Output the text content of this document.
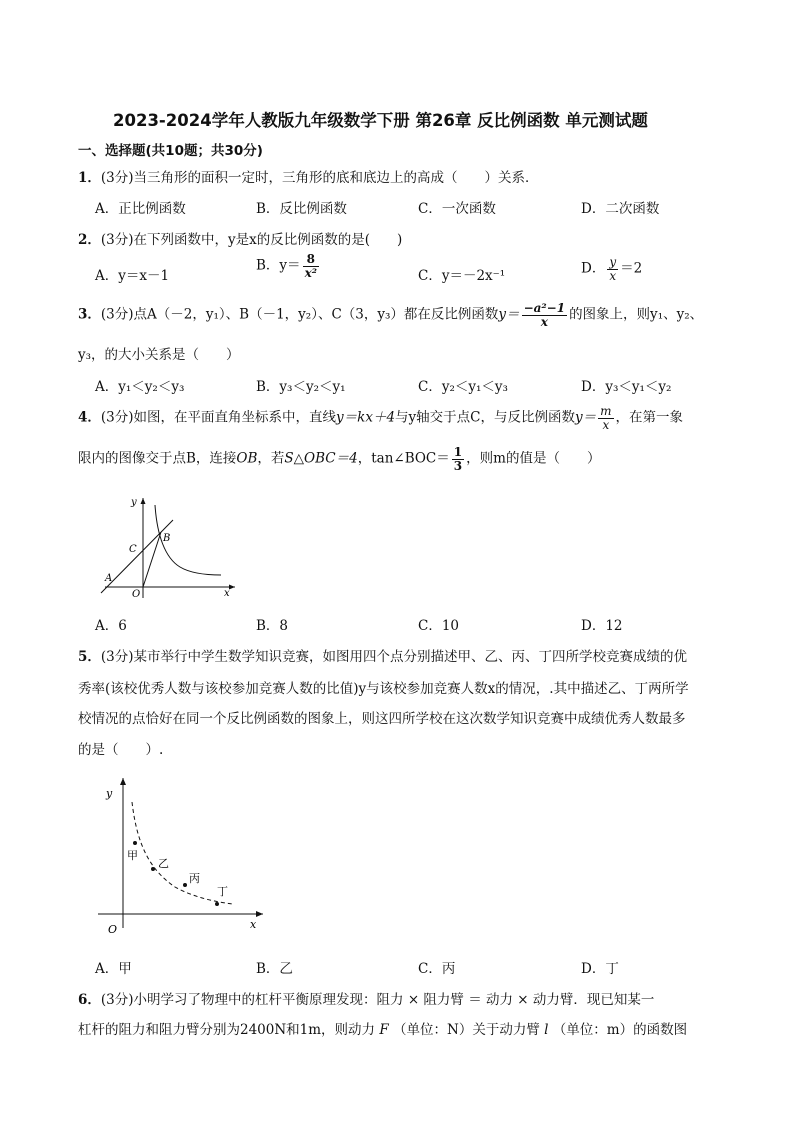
2023-2024学年人教版九年级数学下册 第26章 反比例函数 单元测试题
一、选择题(共10题；共30分)
1．(3分)当三角形的面积一定时，三角形的底和底边上的高成（　　）关系．
A．正比例函数	B．反比例函数	C．一次函数	D．二次函数
2．(3分)在下列函数中，y是x的反比例函数的是(　　)
A．y＝x－1
B．$y= \frac{8}{\text{x²}}$	C．y＝－2x⁻¹	D． $\frac{y}{x} =2$
3．(3分)点A（－2，y₁）、B（－1，y₂）、C（3，y₃）都在反比例函数$y= \frac{\text{−a²−1}}{x}$ 的图象上，则y₁、y₂、
y₃，的大小关系是（　　）
A．y₁＜y₂＜y₃	B．y₃＜y₂＜y₁	C．y₂＜y₁＜y₃	D．y₃＜y₁＜y₂
4．(3分)如图，在平面直角坐标系中，直线y＝kx＋4与y轴交于点C，与反比例函数$y= \frac{m}{x}$ ，在第一象
限内的图像交于点B，连接OB，若S△OBC＝4，tan∠BOC＝ $\frac{1}{3}$ ，则m的值是（　　）
y
x
O
A
B
C
A．6	B．8	C．10	D．12
5．(3分)某市举行中学生数学知识竞赛，如图用四个点分别描述甲、乙、丙、丁四所学校竞赛成绩的优
秀率(该校优秀人数与该校参加竞赛人数的比值)y与该校参加竞赛人数x的情况，.其中描述乙、丁两所学
校情况的点恰好在同一个反比例函数的图象上，则这四所学校在这次数学知识竞赛中成绩优秀人数最多
的是（　　）.
y
x
O
甲
乙
丙
丁
A．甲	B．乙	C．丙	D．丁
6．(3分)小明学习了物理中的杠杆平衡原理发现：阻力 × 阻力臂 ＝ 动力 × 动力臂．现已知某一
杠杆的阻力和阻力臂分别为2400N和1m，则动力 F （单位：N）关于动力臂 l （单位：m）的函数图
